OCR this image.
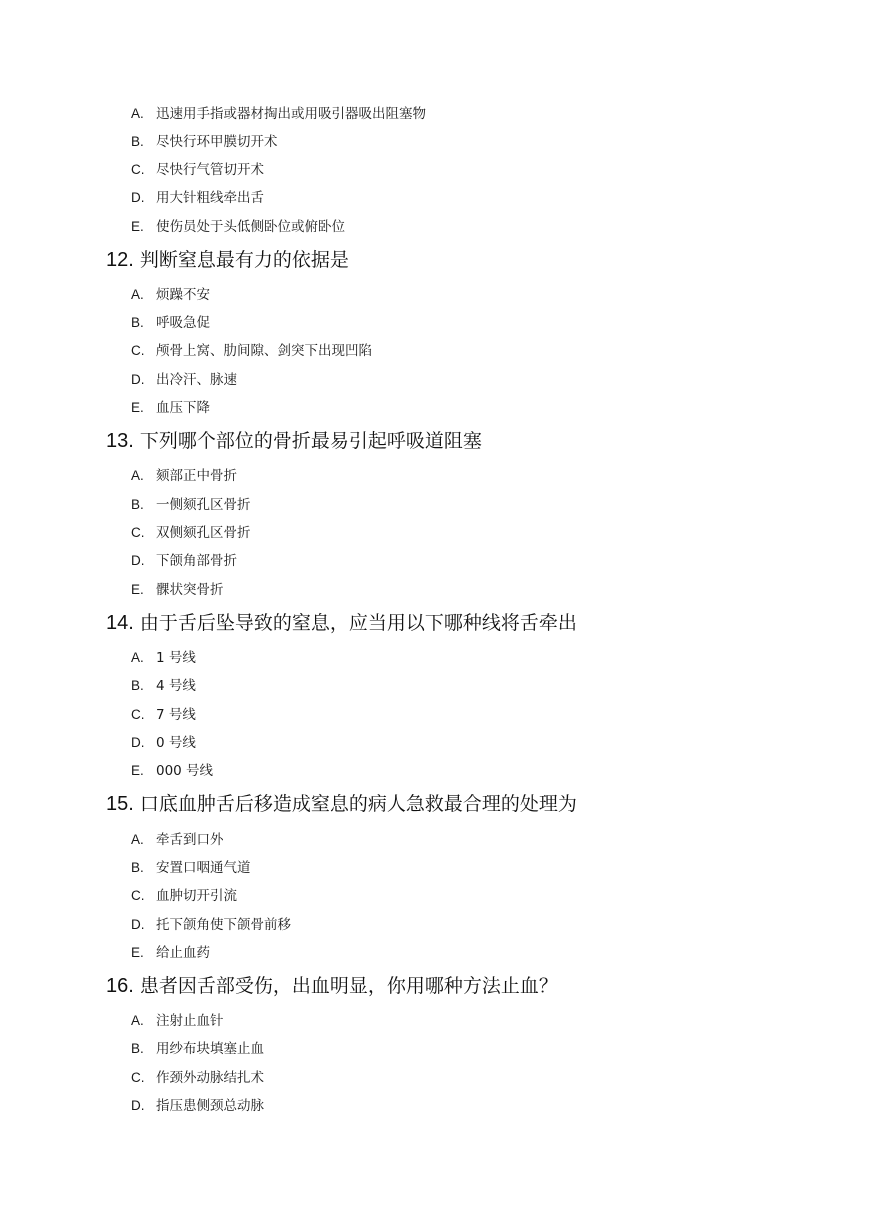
A. 迅速用手指或器材掏出或用吸引器吸出阻塞物
B. 尽快行环甲膜切开术
C. 尽快行气管切开术
D. 用大针粗线牵出舌
E. 使伤员处于头低侧卧位或俯卧位
12. 判断窒息最有力的依据是
A. 烦躁不安
B. 呼吸急促
C. 颅骨上窝、肋间隙、剑突下出现凹陷
D. 出冷汗、脉速
E. 血压下降
13. 下列哪个部位的骨折最易引起呼吸道阻塞
A. 颏部正中骨折
B. 一侧颏孔区骨折
C. 双侧颏孔区骨折
D. 下颌角部骨折
E. 髁状突骨折
14. 由于舌后坠导致的窒息，应当用以下哪种线将舌牵出
A. 1 号线
B. 4 号线
C. 7 号线
D. 0 号线
E. 000 号线
15. 口底血肿舌后移造成窒息的病人急救最合理的处理为
A. 牵舌到口外
B. 安置口咽通气道
C. 血肿切开引流
D. 托下颌角使下颌骨前移
E. 给止血药
16. 患者因舌部受伤，出血明显，你用哪种方法止血？
A. 注射止血针
B. 用纱布块填塞止血
C. 作颈外动脉结扎术
D. 指压患侧颈总动脉
